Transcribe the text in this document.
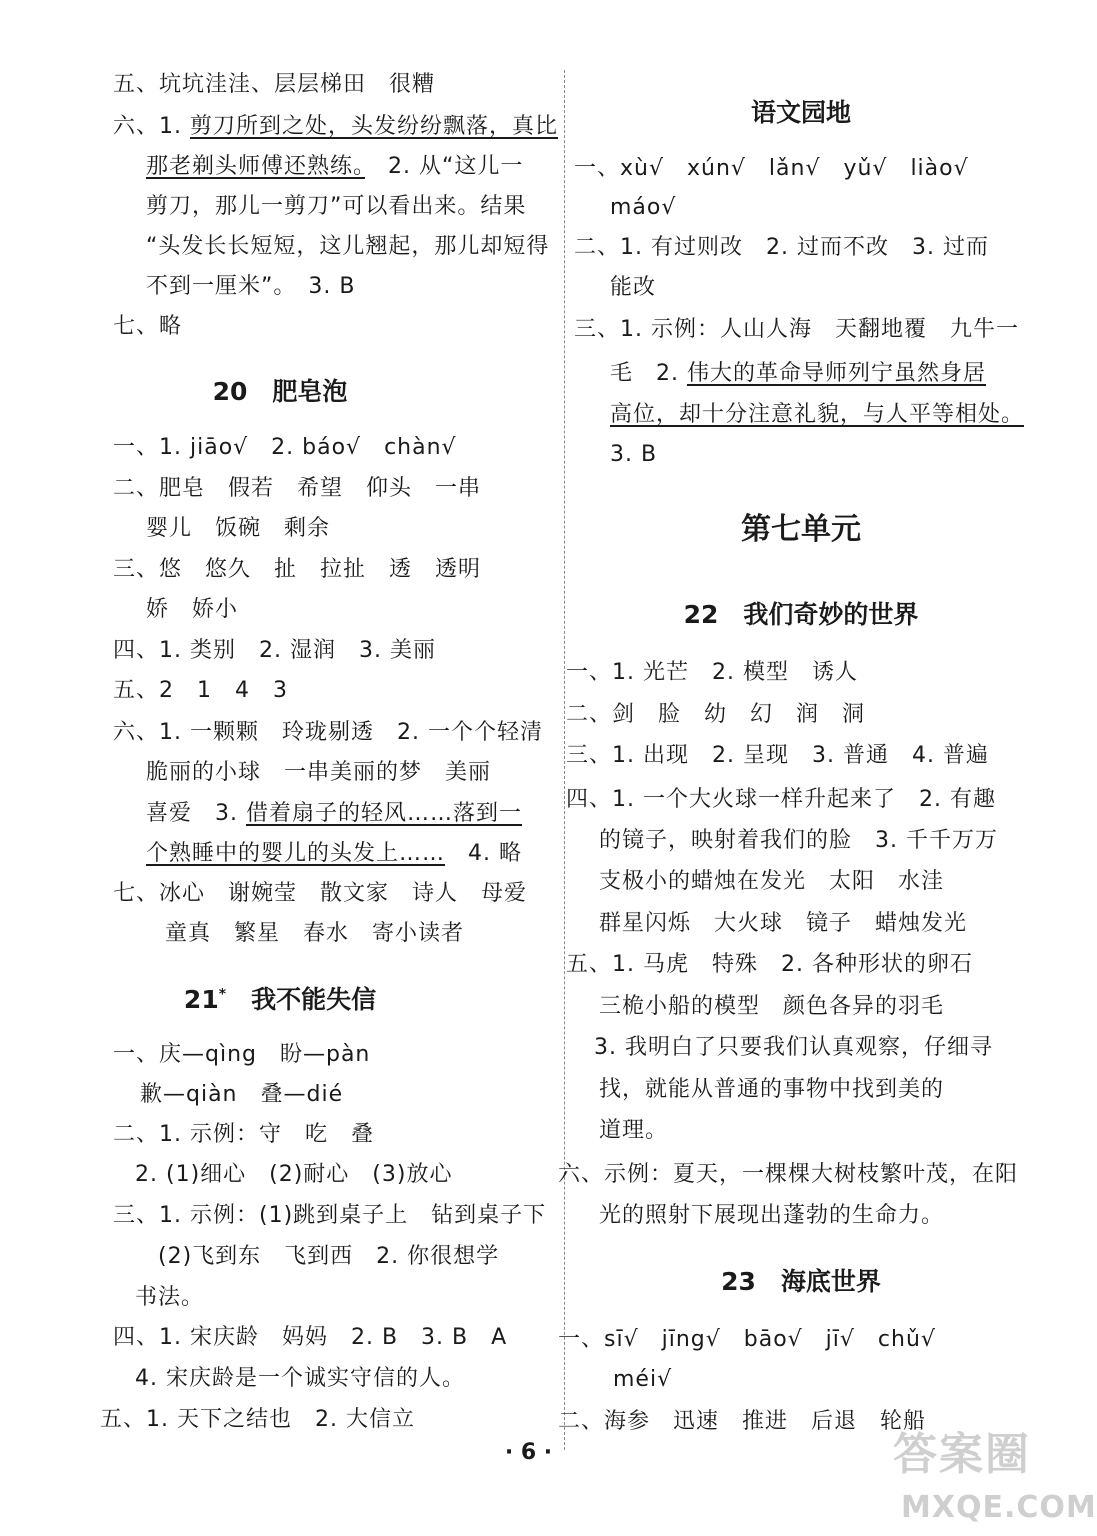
五、坑坑洼洼、层层梯田　很糟
六、1. 剪刀所到之处，头发纷纷飘落，真比
那老剃头师傅还熟练。　2. 从“这儿一
剪刀，那儿一剪刀”可以看出来。结果
“头发长长短短，这儿翘起，那儿却短得
不到一厘米”。　3. B
七、略
20　肥皂泡
一、1. jiāo√　2. báo√　chàn√
二、肥皂　假若　希望　仰头　一串
婴儿　饭碗　剩余
三、悠　悠久　扯　拉扯　透　透明
娇　娇小
四、1. 类别　2. 湿润　3. 美丽
五、2　1　4　3
六、1. 一颗颗　玲珑剔透　2. 一个个轻清
脆丽的小球　一串美丽的梦　美丽
喜爱　3. 借着扇子的轻风……落到一
个熟睡中的婴儿的头发上……　4. 略
七、冰心　谢婉莹　散文家　诗人　母爱
童真　繁星　春水　寄小读者
21*　 我不能失信
一、庆—qìng　盼—pàn
歉—qiàn　叠—dié
二、1. 示例：守　吃　叠
2. (1)细心　(2)耐心　(3)放心
三、1. 示例：(1)跳到桌子上　钻到桌子下
(2)飞到东　飞到西　2. 你很想学
书法。
四、1. 宋庆龄　妈妈　2. B　3. B　A
4. 宋庆龄是一个诚实守信的人。
五、1. 天下之结也　2. 大信立
语文园地
一、xù√　xún√　lǎn√　yǔ√　liào√
máo√
二、1. 有过则改　2. 过而不改　3. 过而
能改
三、1. 示例：人山人海　天翻地覆　九牛一
毛　2. 伟大的革命导师列宁虽然身居
高位，却十分注意礼貌，与人平等相处。
3. B
第七单元
22　我们奇妙的世界
一、1. 光芒　2. 模型　诱人
二、剑　脸　幼　幻　润　洞
三、1. 出现　2. 呈现　3. 普通　4. 普遍
四、1. 一个大火球一样升起来了　2. 有趣
的镜子，映射着我们的脸　3. 千千万万
支极小的蜡烛在发光　太阳　水洼
群星闪烁　大火球　镜子　蜡烛发光
五、1. 马虎　特殊　2. 各种形状的卵石
三桅小船的模型　颜色各异的羽毛
3. 我明白了只要我们认真观察，仔细寻
找，就能从普通的事物中找到美的
道理。
六、示例：夏天，一棵棵大树枝繁叶茂，在阳
光的照射下展现出蓬勃的生命力。
23　海底世界
一、sī√　jīng√　bāo√　jī√　chǔ√
méi√
二、海参　迅速　推进　后退　轮船
· 6 ·	答案圈
MXQE.COM
